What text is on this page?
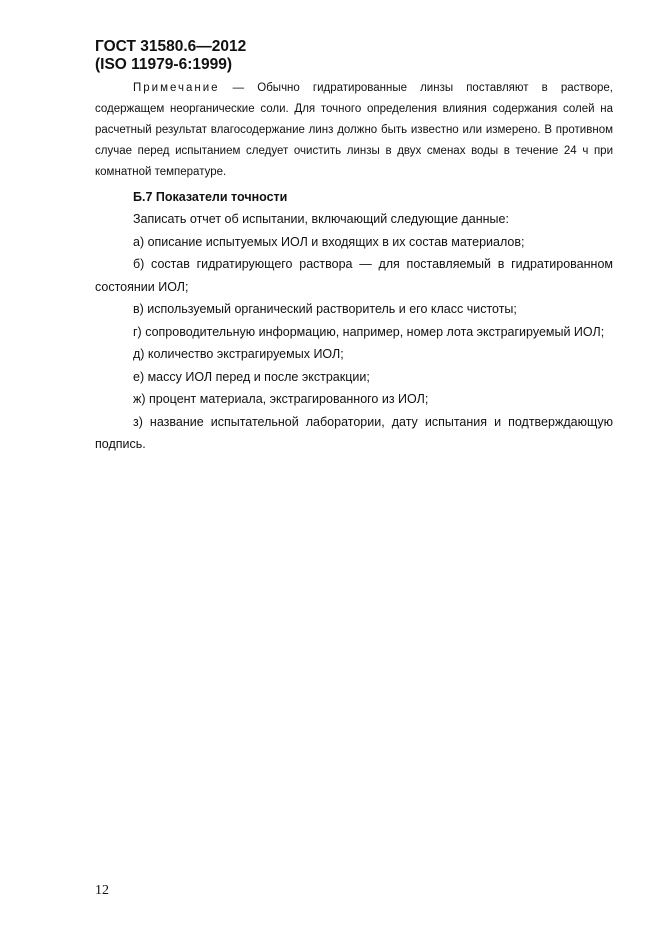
ГОСТ 31580.6—2012
(ISO 11979-6:1999)

Примечание — Обычно гидратированные линзы поставляют в растворе, содержащем неорганические соли. Для точного определения влияния содержания солей на расчетный результат влагосодержание линз должно быть известно или измерено. В противном случае перед испытанием следует очистить линзы в двух сменах воды в течение 24 ч при комнатной температуре.

Б.7 Показатели точности

Записать отчет об испытании, включающий следующие данные:

а) описание испытуемых ИОЛ и входящих в их состав материалов;

б) состав гидратирующего раствора — для поставляемый в гидратированном состоянии ИОЛ;

в) используемый органический растворитель и его класс чистоты;

г) сопроводительную информацию, например, номер лота экстрагируемый ИОЛ;

д) количество экстрагируемых ИОЛ;

е) массу ИОЛ перед и после экстракции;

ж) процент материала, экстрагированного из ИОЛ;

з) название испытательной лаборатории, дату испытания и подтверждающую подпись.

12
